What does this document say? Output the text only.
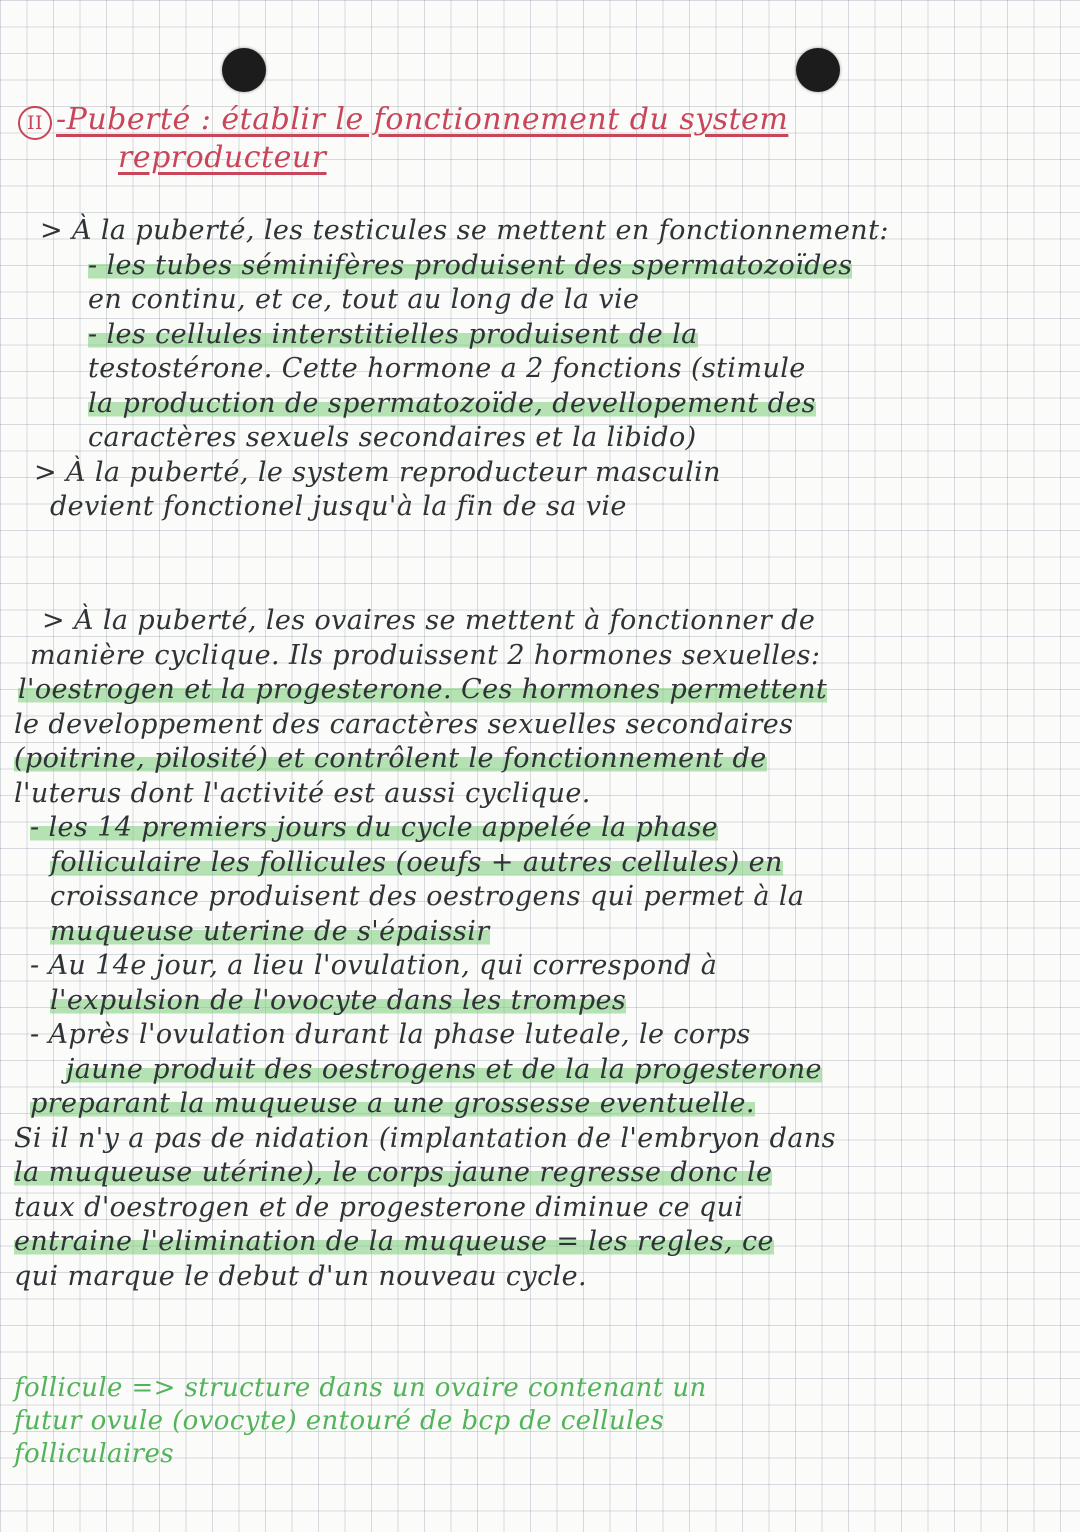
II -Puberté : établir le fonctionnement du system
reproducteur
> À la puberté, les testicules se mettent en fonctionnement:
- les tubes séminifères produisent des spermatozoïdes
en continu, et ce, tout au long de la vie
- les cellules interstitielles produisent de la
testostérone. Cette hormone a 2 fonctions (stimule
la production de spermatozoïde, devellopement des
caractères sexuels secondaires et la libido)
> À la puberté, le system reproducteur masculin
devient fonctionel jusqu'à la fin de sa vie
> À la puberté, les ovaires se mettent à fonctionner de
manière cyclique. Ils produissent 2 hormones sexuelles:
l'oestrogen et la progesterone. Ces hormones permettent
le developpement des caractères sexuelles secondaires
(poitrine, pilosité) et contrôlent le fonctionnement de
l'uterus dont l'activité est aussi cyclique.
- les 14 premiers jours du cycle appelée la phase
folliculaire les follicules (oeufs + autres cellules) en
croissance produisent des oestrogens qui permet à la
muqueuse uterine de s'épaissir
- Au 14e jour, a lieu l'ovulation, qui correspond à
l'expulsion de l'ovocyte dans les trompes
- Après l'ovulation durant la phase luteale, le corps
jaune produit des oestrogens et de la la progesterone
preparant la muqueuse a une grossesse eventuelle.
Si il n'y a pas de nidation (implantation de l'embryon dans
la muqueuse utérine), le corps jaune regresse donc le
taux d'oestrogen et de progesterone diminue ce qui
entraine l'elimination de la muqueuse = les regles, ce
qui marque le debut d'un nouveau cycle.
follicule => structure dans un ovaire contenant un
futur ovule (ovocyte) entouré de bcp de cellules
folliculaires
